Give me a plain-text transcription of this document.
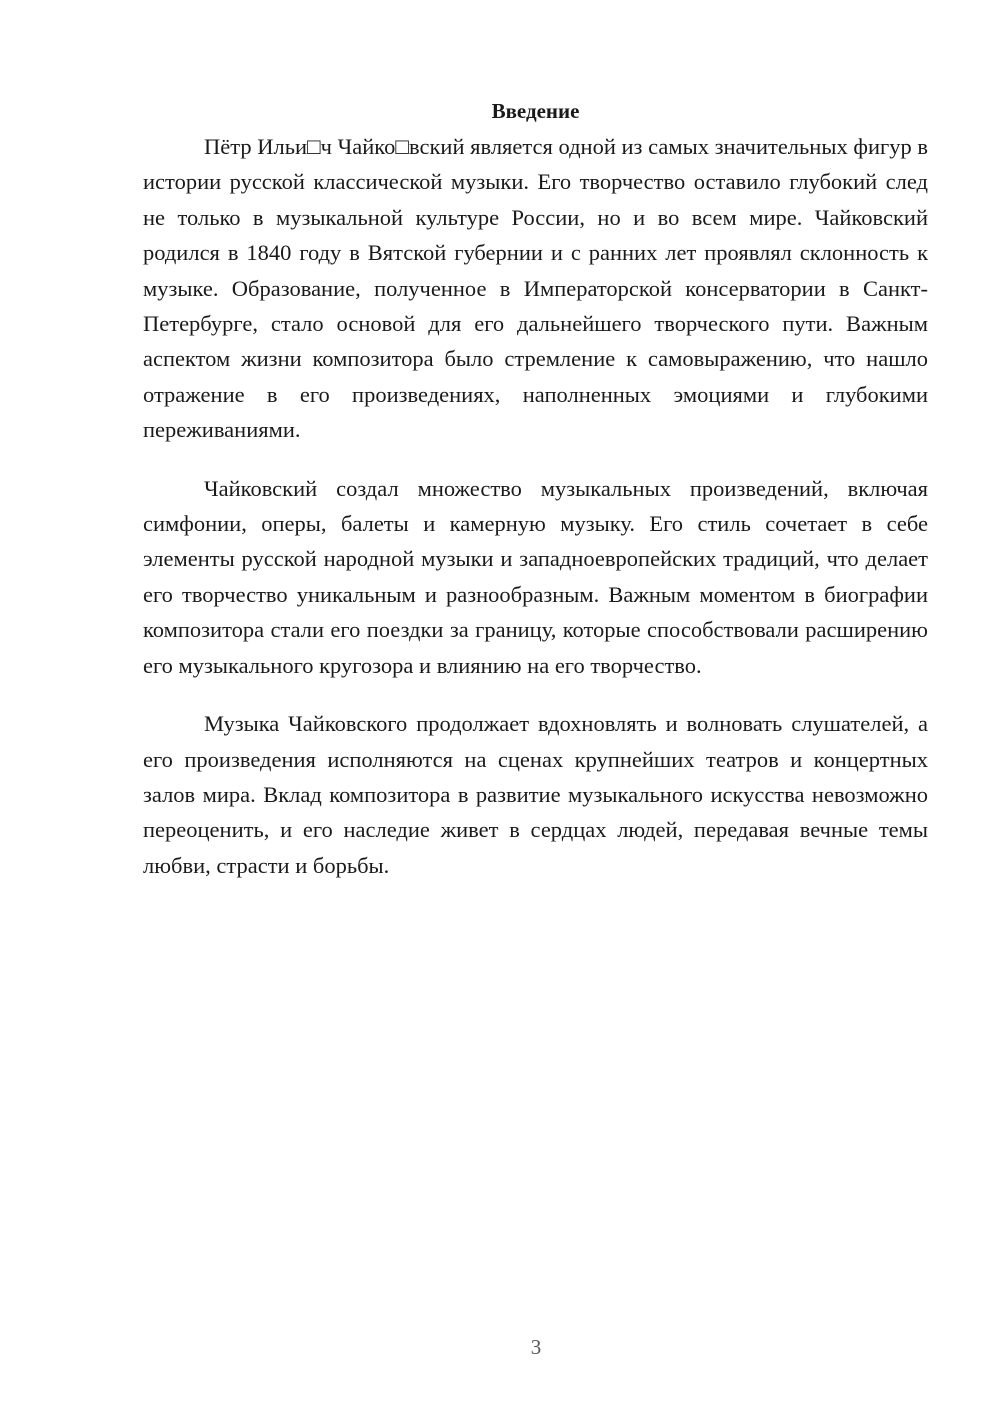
Введение

Пётр Ильи□ч Чайко□вский является одной из самых значительных фигур в истории русской классической музыки. Его творчество оставило глубокий след не только в музыкальной культуре России, но и во всем мире. Чайковский родился в 1840 году в Вятской губернии и с ранних лет проявлял склонность к музыке. Образование, полученное в Императорской консерватории в Санкт-Петербурге, стало основой для его дальнейшего творческого пути. Важным аспектом жизни композитора было стремление к самовыражению, что нашло отражение в его произведениях, наполненных эмоциями и глубокими переживаниями.

Чайковский создал множество музыкальных произведений, включая симфонии, оперы, балеты и камерную музыку. Его стиль сочетает в себе элементы русской народной музыки и западноевропейских традиций, что делает его творчество уникальным и разнообразным. Важным моментом в биографии композитора стали его поездки за границу, которые способствовали расширению его музыкального кругозора и влиянию на его творчество.

Музыка Чайковского продолжает вдохновлять и волновать слушателей, а его произведения исполняются на сценах крупнейших театров и концертных залов мира. Вклад композитора в развитие музыкального искусства невозможно переоценить, и его наследие живет в сердцах людей, передавая вечные темы любви, страсти и борьбы.

3
